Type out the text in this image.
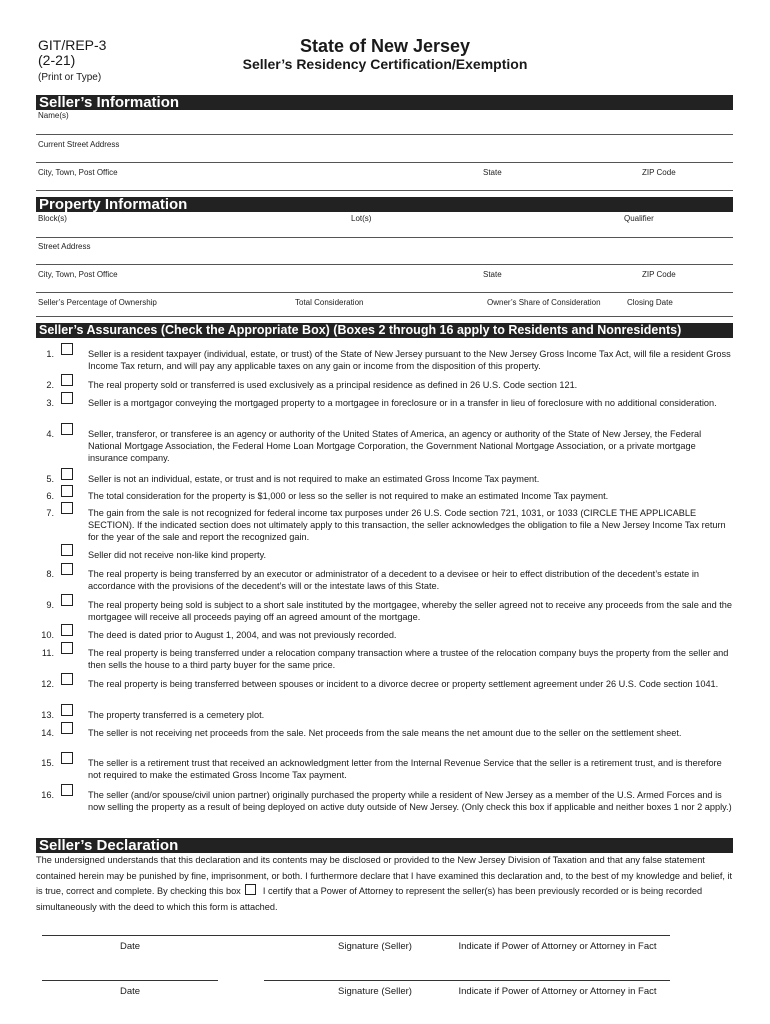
GIT/REP-3
(2-21)
(Print or Type)
State of New Jersey
Seller’s Residency Certification/Exemption
Seller’s Information
Name(s)
Current Street Address
City, Town, Post Office	State	ZIP Code
Property Information
Block(s)	Lot(s)	Qualifier
Street Address
City, Town, Post Office	State	ZIP Code
Seller’s Percentage of Ownership	Total Consideration	Owner’s Share of Consideration	Closing Date
Seller’s Assurances (Check the Appropriate Box) (Boxes 2 through 16 apply to Residents and Nonresidents)
1.	Seller is a resident taxpayer (individual, estate, or trust) of the State of New Jersey pursuant to the New Jersey Gross Income Tax Act, will file a resident Gross Income Tax return, and will pay any applicable taxes on any gain or income from the disposition of this property.
2.	The real property sold or transferred is used exclusively as a principal residence as defined in 26 U.S. Code section 121.
3.	Seller is a mortgagor conveying the mortgaged property to a mortgagee in foreclosure or in a transfer in lieu of foreclosure with no additional consideration.
4.	Seller, transferor, or transferee is an agency or authority of the United States of America, an agency or authority of the State of New Jersey, the Federal National Mortgage Association, the Federal Home Loan Mortgage Corporation, the Government National Mortgage Association, or a private mortgage insurance company.
5.	Seller is not an individual, estate, or trust and is not required to make an estimated Gross Income Tax payment.
6.	The total consideration for the property is $1,000 or less so the seller is not required to make an estimated Income Tax payment.
7.	The gain from the sale is not recognized for federal income tax purposes under 26 U.S. Code section 721, 1031, or 1033 (CIRCLE THE APPLICABLE SECTION). If the indicated section does not ultimately apply to this transaction, the seller acknowledges the obligation to file a New Jersey Income Tax return for the year of the sale and report the recognized gain.
Seller did not receive non-like kind property.
8.	The real property is being transferred by an executor or administrator of a decedent to a devisee or heir to effect distribution of the decedent’s estate in accordance with the provisions of the decedent’s will or the intestate laws of this State.
9.	The real property being sold is subject to a short sale instituted by the mortgagee, whereby the seller agreed not to receive any proceeds from the sale and the mortgagee will receive all proceeds paying off an agreed amount of the mortgage.
10.	The deed is dated prior to August 1, 2004, and was not previously recorded.
11.	The real property is being transferred under a relocation company transaction where a trustee of the relocation company buys the property from the seller and then sells the house to a third party buyer for the same price.
12.	The real property is being transferred between spouses or incident to a divorce decree or property settlement agreement under 26 U.S. Code section 1041.
13.	The property transferred is a cemetery plot.
14.	The seller is not receiving net proceeds from the sale. Net proceeds from the sale means the net amount due to the seller on the settlement sheet.
15.	The seller is a retirement trust that received an acknowledgment letter from the Internal Revenue Service that the seller is a retirement trust, and is therefore not required to make the estimated Gross Income Tax payment.
16.	The seller (and/or spouse/civil union partner) originally purchased the property while a resident of New Jersey as a member of the U.S. Armed Forces and is now selling the property as a result of being deployed on active duty outside of New Jersey. (Only check this box if applicable and neither boxes 1 nor 2 apply.)
Seller’s Declaration
The undersigned understands that this declaration and its contents may be disclosed or provided to the New Jersey Division of Taxation and that any false statement contained herein may be punished by fine, imprisonment, or both. I furthermore declare that I have examined this declaration and, to the best of my knowledge and belief, it is true, correct and complete. By checking this box I certify that a Power of Attorney to represent the seller(s) has been previously recorded or is being recorded simultaneously with the deed to which this form is attached.
Date	Signature (Seller)	Indicate if Power of Attorney or Attorney in Fact
Date	Signature (Seller)	Indicate if Power of Attorney or Attorney in Fact
